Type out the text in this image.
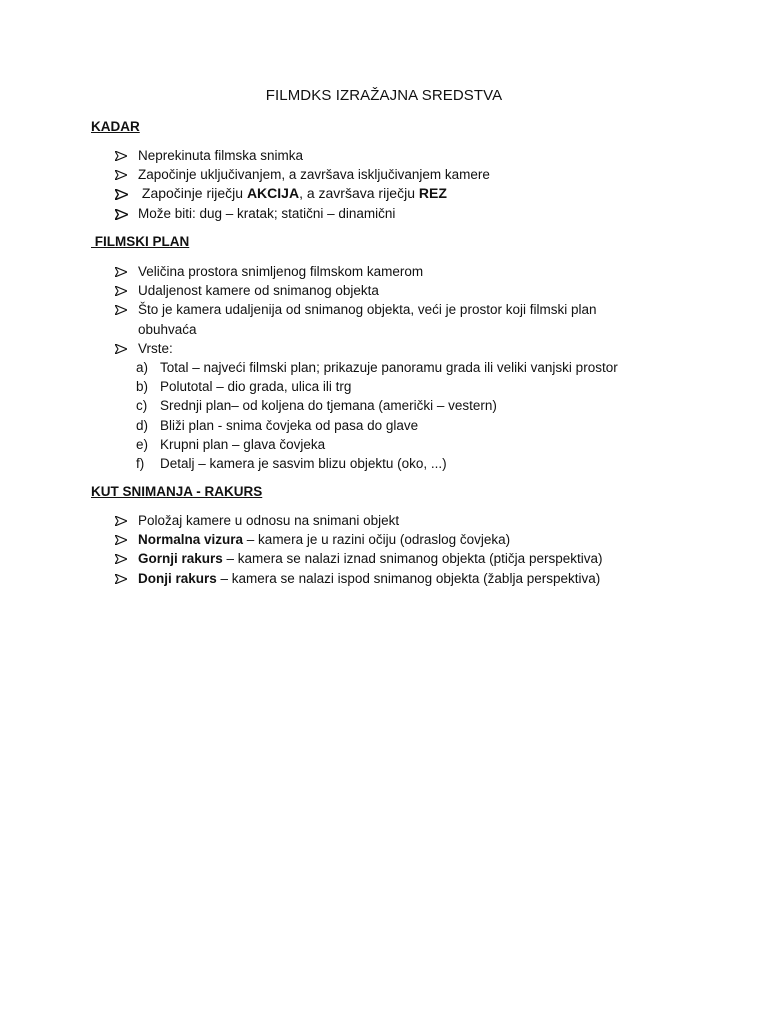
FILMDKS IZRAŽAJNA SREDSTVA
KADAR
Neprekinuta filmska snimka
Započinje uključivanjem, a završava isključivanjem kamere
Započinje riječju AKCIJA, a završava riječju REZ
Može biti: dug – kratak; statični – dinamični
FILMSKI PLAN
Veličina prostora snimljenog filmskom kamerom
Udaljenost kamere od snimanog objekta
Što je kamera udaljenija od snimanog objekta, veći je prostor koji filmski plan obuhvaća
Vrste:
a) Total – najveći filmski plan; prikazuje panoramu grada ili veliki vanjski prostor
b) Polutotal – dio grada, ulica ili trg
c) Srednji plan– od koljena do tjemana (američki – vestern)
d) Bliži plan - snima čovjeka od pasa do glave
e) Krupni plan – glava čovjeka
f) Detalj – kamera je sasvim blizu objektu (oko, ...)
KUT SNIMANJA - RAKURS
Položaj kamere u odnosu na snimani objekt
Normalna vizura – kamera je u razini očiju (odraslog čovjeka)
Gornji rakurs – kamera se nalazi iznad snimanog objekta (ptičja perspektiva)
Donji rakurs – kamera se nalazi ispod snimanog objekta (žablja perspektiva)
